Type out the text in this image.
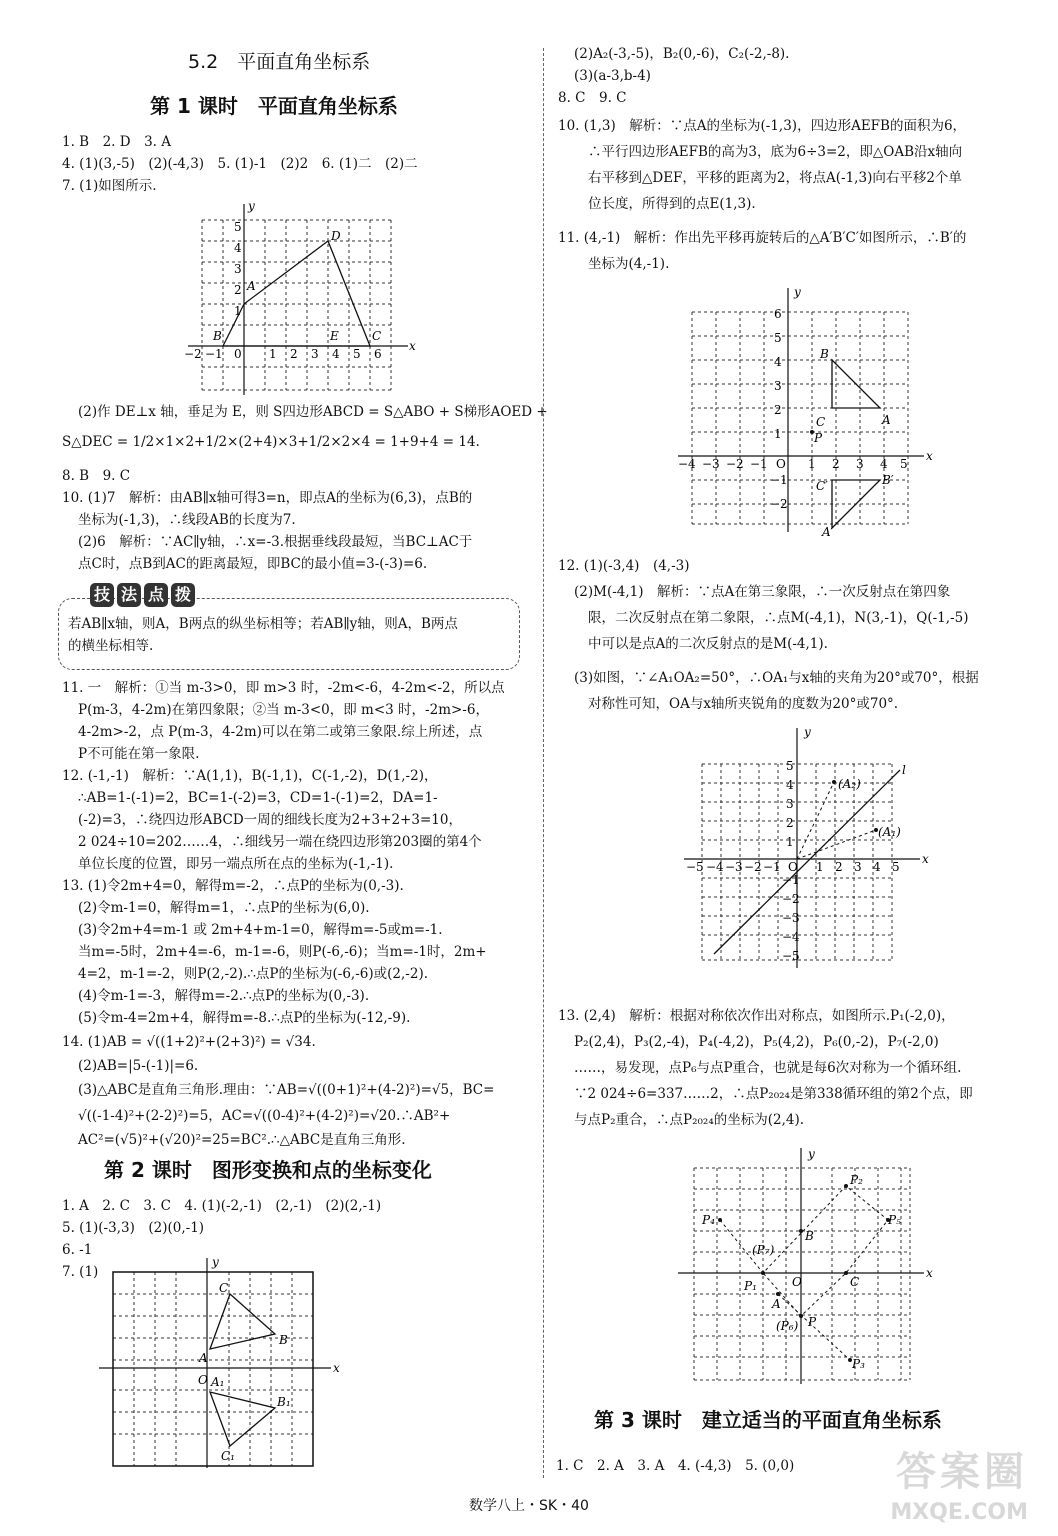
5.2　平面直角坐标系
第 1 课时　平面直角坐标系
1. B　2. D　3. A
4. (1)(3,-5)　(2)(-4,3)　5. (1)-1　(2)2　6. (1)二　(2)二
7. (1)如图所示.
x
y
D
A
B	C
E
0
−2 −1	1 2 3 4 5 6
5
4
3
2
1
(2)作 DE⊥x 轴，垂足为 E，则 S四边形ABCD = S△ABO + S梯形AOED +
S△DEC = 1/2×1×2+1/2×(2+4)×3+1/2×2×4 = 1+9+4 = 14.
8. B　9. C
10. (1)7　解析：由AB∥x轴可得3=n，即点A的坐标为(6,3)，点B的
坐标为(-1,3)，∴线段AB的长度为7.
(2)6　解析：∵AC∥y轴，∴x=-3.根据垂线段最短，当BC⊥AC于
点C时，点B到AC的距离最短，即BC的最小值=3-(-3)=6.
技 法 点 拨
若AB∥x轴，则A，B两点的纵坐标相等；若AB∥y轴，则A，B两点
的横坐标相等.
11. 一　解析：①当 m-3>0，即 m>3 时，-2m<-6，4-2m<-2，所以点
P(m-3，4-2m)在第四象限；②当 m-3<0，即 m<3 时，-2m>-6，
4-2m>-2，点 P(m-3，4-2m)可以在第二或第三象限.综上所述，点
P不可能在第一象限.
12. (-1,-1)　解析：∵A(1,1)，B(-1,1)，C(-1,-2)，D(1,-2)，
∴AB=1-(-1)=2，BC=1-(-2)=3，CD=1-(-1)=2，DA=1-
(-2)=3，∴绕四边形ABCD一周的细线长度为2+3+2+3=10，
2 024÷10=202……4，∴细线另一端在绕四边形第203圈的第4个
单位长度的位置，即另一端点所在点的坐标为(-1,-1).
13. (1)令2m+4=0，解得m=-2，∴点P的坐标为(0,-3).
(2)令m-1=0，解得m=1，∴点P的坐标为(6,0).
(3)令2m+4=m-1 或 2m+4+m-1=0，解得m=-5或m=-1.
当m=-5时，2m+4=-6，m-1=-6，则P(-6,-6)；当m=-1时，2m+
4=2，m-1=-2，则P(2,-2).∴点P的坐标为(-6,-6)或(2,-2).
(4)令m-1=-3，解得m=-2.∴点P的坐标为(0,-3).
(5)令m-4=2m+4，解得m=-8.∴点P的坐标为(-12,-9).
14. (1)AB = √((1+2)²+(2+3)²) = √34.
(2)AB=|5-(-1)|=6.
(3)△ABC是直角三角形.理由：∵AB=√((0+1)²+(4-2)²)=√5，BC=
√((-1-4)²+(2-2)²)=5，AC=√((0-4)²+(4-2)²)=√20.∴AB²+
AC²=(√5)²+(√20)²=25=BC².∴△ABC是直角三角形.
第 2 课时　图形变换和点的坐标变化
1. A　2. C　3. C　4. (1)(-2,-1)　(2,-1)　(2)(2,-1)
5. (1)(-3,3)　(2)(0,-1)
6. -1
7. (1)
x
y
C
B
A
O A₁
B₁
C₁
(2)A₂(-3,-5)，B₂(0,-6)，C₂(-2,-8).
(3)(a-3,b-4)
8. C　9. C
10. (1,3)　解析：∵点A的坐标为(-1,3)，四边形AEFB的面积为6，
∴平行四边形AEFB的高为3，底为6÷3=2，即△OAB沿x轴向
右平移到△DEF，平移的距离为2，将点A(-1,3)向右平移2个单
位长度，所得到的点E(1,3).
11. (4,-1)　解析：作出先平移再旋转后的△A′B′C′如图所示，∴B′的
坐标为(4,-1).
x
y
B
A
C
P
C′	B′
A′
O
−4 −3 −2 −1	1 2 3 4 5
6
5
4
3
2
1
−1
−2
12. (1)(-3,4)　(4,-3)
(2)M(-4,1)　解析：∵点A在第三象限，∴一次反射点在第四象
限，二次反射点在第二象限，∴点M(-4,1)，N(3,-1)，Q(-1,-5)
中可以是点A的二次反射点的是M(-4,1).
(3)如图，∵∠A₁OA₂=50°，∴OA₁与x轴的夹角为20°或70°，根据
对称性可知，OA与x轴所夹锐角的度数为20°或70°.
x
y
l
(A₂)
(A₁)
O
−5 −4 −3 −2 −1	1 2 3 4 5
5
4
3
2
1
−1
−2
−3
−4
−5
13. (2,4)　解析：根据对称依次作出对称点，如图所示.P₁(-2,0)，
P₂(2,4)，P₃(2,-4)，P₄(-4,2)，P₅(4,2)，P₆(0,-2)，P₇(-2,0)
……，易发现，点P₆与点P重合，也就是每6次对称为一个循环组.
∵2 024÷6=337……2，∴点P₂₀₂₄是第338循环组的第2个点，即
与点P₂重合，∴点P₂₀₂₄的坐标为(2,4).
x
y
P₄	P₅
P₂
(P₇)
P₁	O	C
A
B
(P₆) P
P₃
第 3 课时　建立适当的平面直角坐标系
1. C　2. A　3. A　4. (-4,3)　5. (0,0)	答案圈
MXQE.COM
数学八上・SK・40
